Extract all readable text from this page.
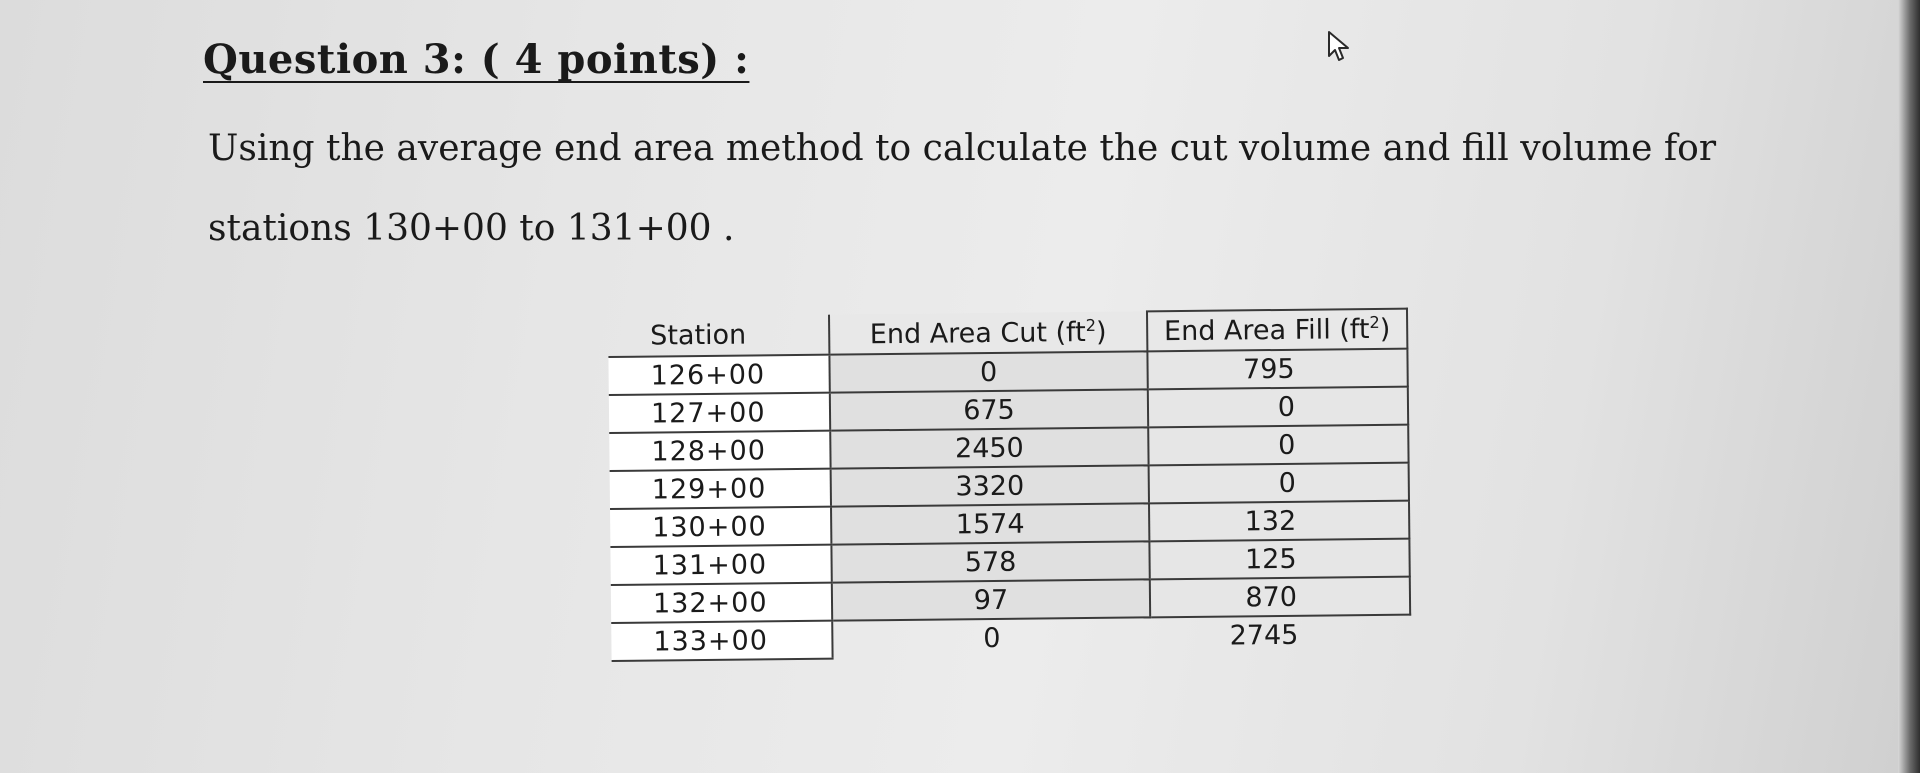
Question 3: ( 4 points) :
Using the average end area method to calculate the cut volume and fill volume for
stations 130+00 to 131+00 .
Station	End Area Cut $(ft^2)$	End Area Fill $(ft^2)$
126+00	0	795
127+00	675	0
128+00	2450	0
129+00	3320	0
130+00	1574	132
131+00	578	125
132+00	97	870
133+00	0	2745
